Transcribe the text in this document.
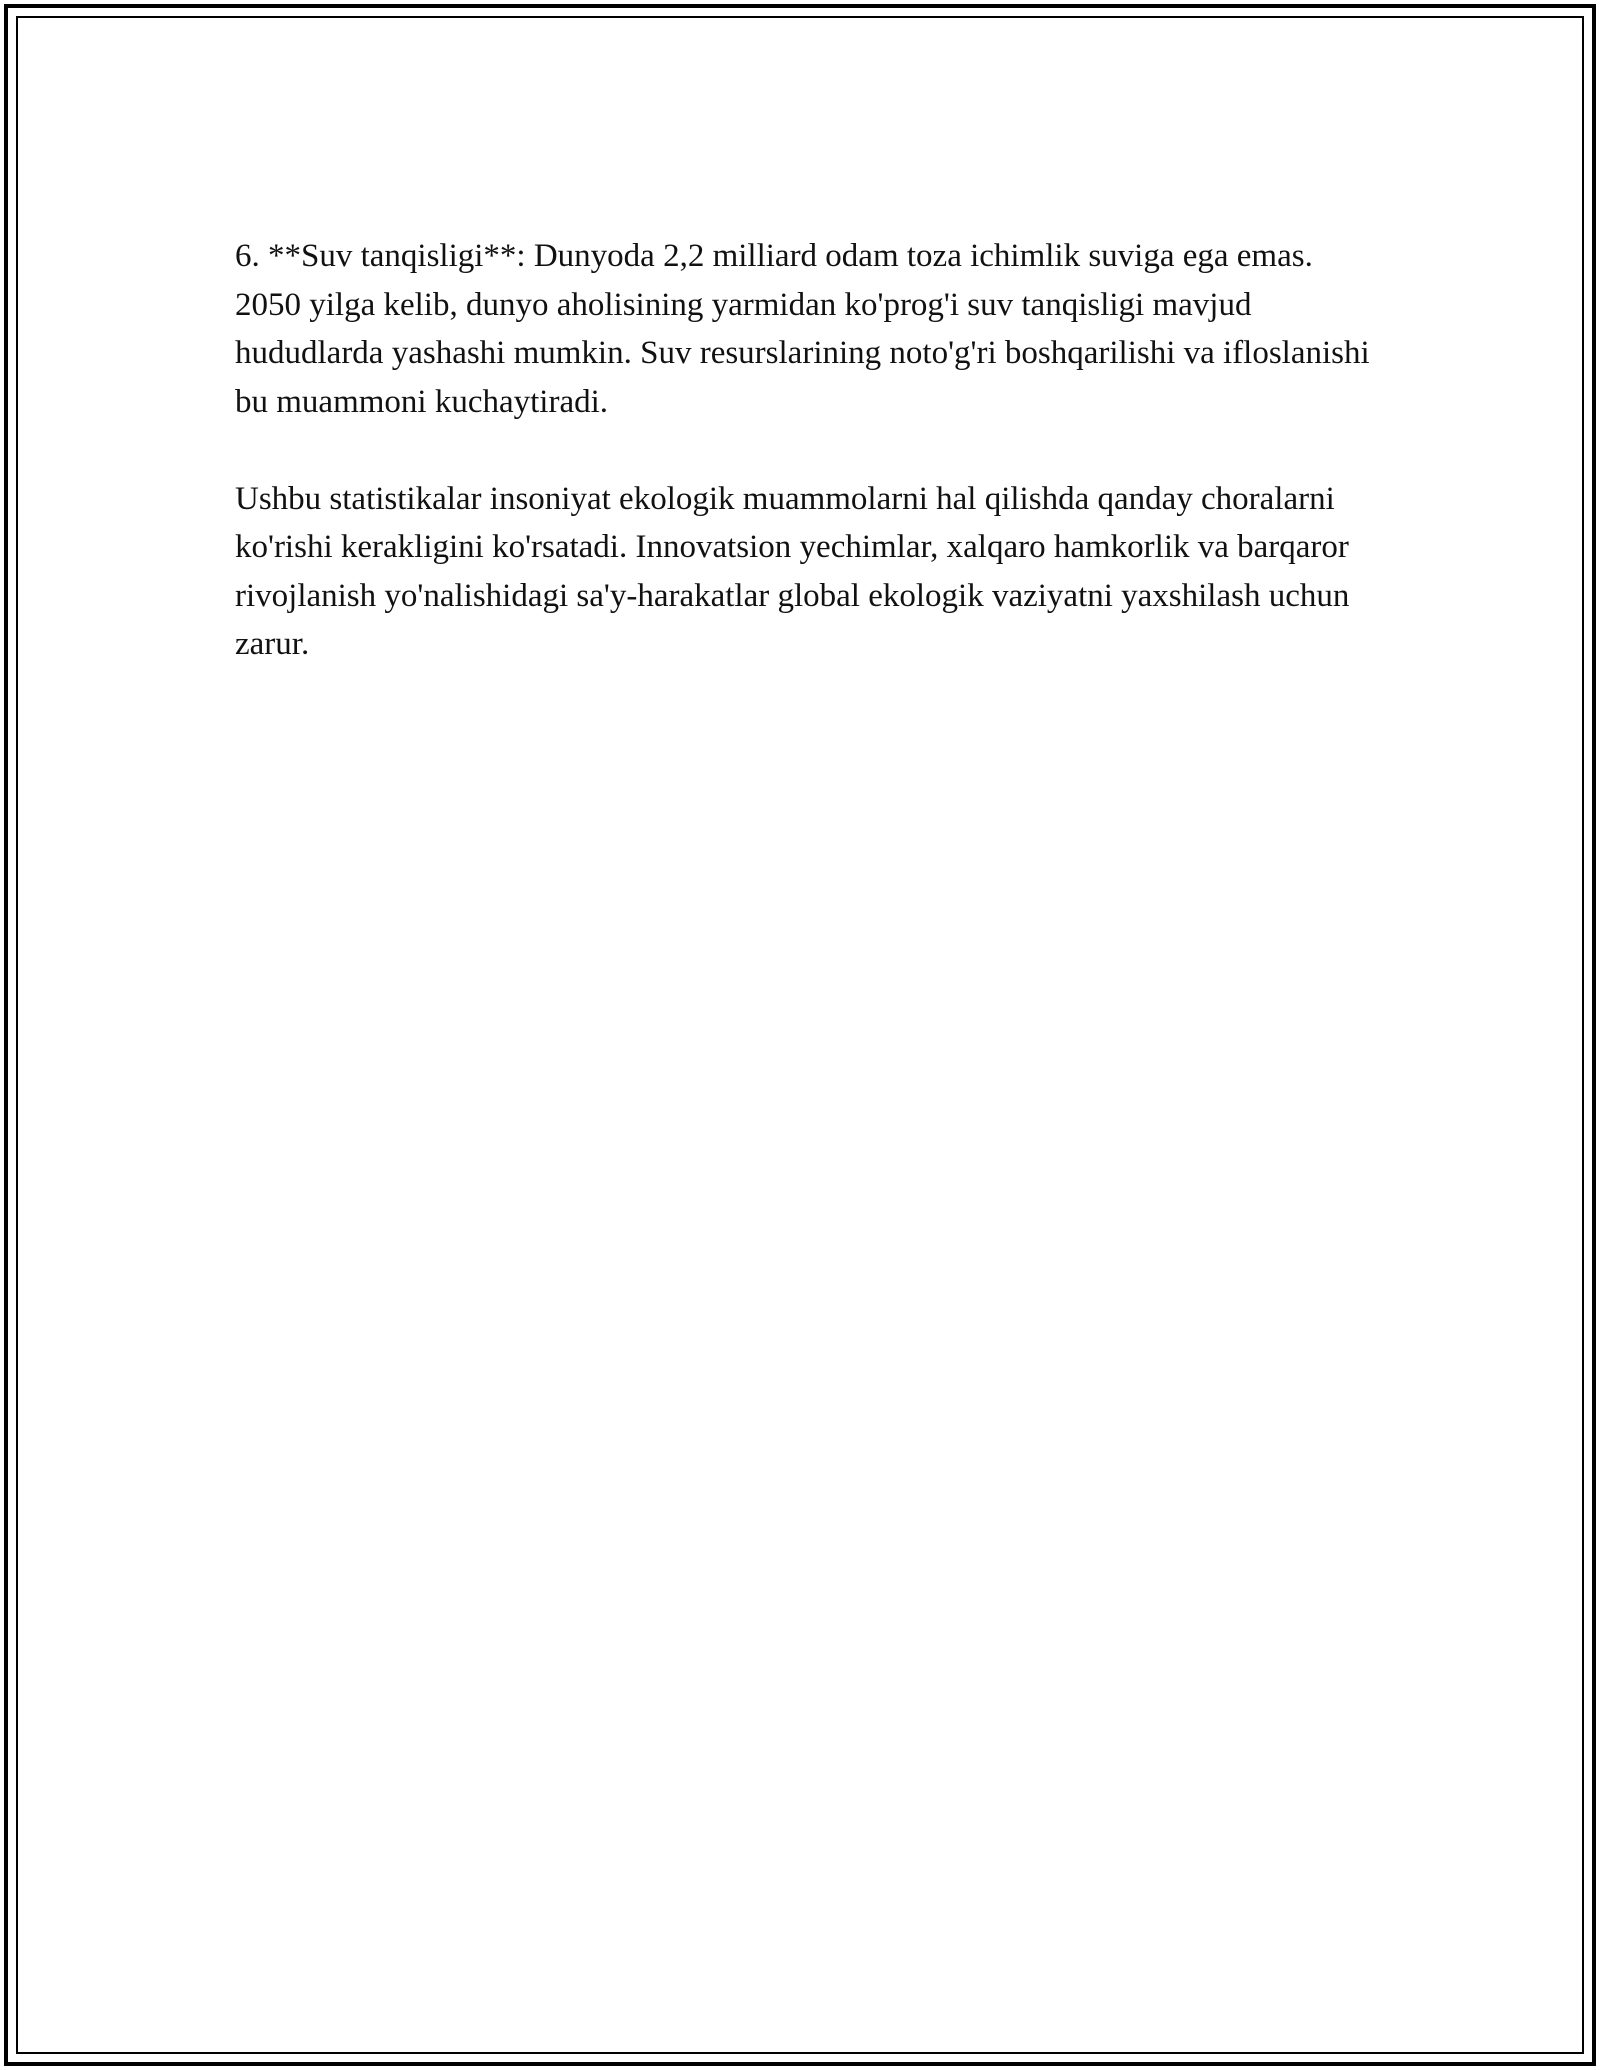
6. **Suv tanqisligi**: Dunyoda 2,2 milliard odam toza ichimlik suviga ega emas. 2050 yilga kelib, dunyo aholisining yarmidan ko'prog'i suv tanqisligi mavjud hududlarda yashashi mumkin. Suv resurslarining noto'g'ri boshqarilishi va ifloslanishi bu muammoni kuchaytiradi.

Ushbu statistikalar insoniyat ekologik muammolarni hal qilishda qanday choralarni ko'rishi kerakligini ko'rsatadi. Innovatsion yechimlar, xalqaro hamkorlik va barqaror rivojlanish yo'nalishidagi sa'y-harakatlar global ekologik vaziyatni yaxshilash uchun zarur.
